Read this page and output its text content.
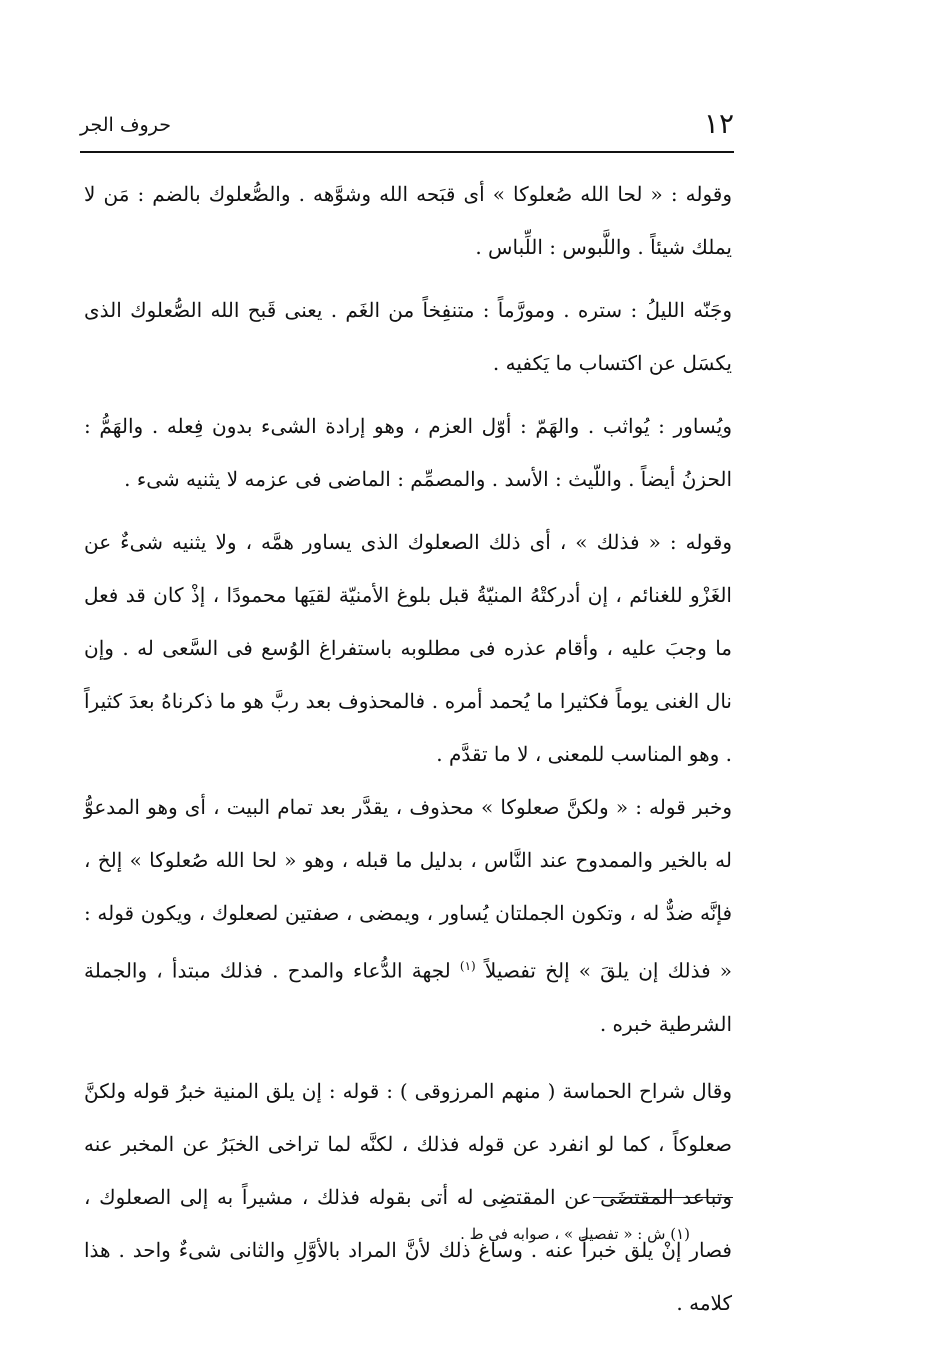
١٢
حروف الجر

وقوله : « لحا الله صُعلوكا » أى قبَحه الله وشوَّهه . والصُّعلوك بالضم : مَن لا يملك شيئاً . واللَّبوس : اللِّباس .

وجَنّه الليلُ : ستره . ومورَّماً : متنفِخاً من الغَم . يعنى قَبح الله الصُّعلوك الذى يكسَل عن اكتساب ما يَكفيه .

ويُساور : يُواثب . والهَمّ : أوّل العزم ، وهو إرادة الشىء بدون فِعله . والهَمُّ : الحزنُ أيضاً . واللّيث : الأسد . والمصمِّم : الماضى فى عزمه لا يثنيه شىء .

وقوله : « فذلك » ، أى ذلك الصعلوك الذى يساور همَّه ، ولا يثنيه شىءٌ عن الغَزْو للغنائم ، إن أدركتْهُ المنيّةُ قبل بلوغ الأمنيّة لقيَها محمودًا ، إذْ كان قد فعل ما وجبَ عليه ، وأقام عذره فى مطلوبه باستفراغ الوُسع فى السَّعى له . وإن نال الغنى يوماً فكثيرا ما يُحمد أمره . فالمحذوف بعد ربَّ هو ما ذكرناهُ بعدَ كثيراً . وهو المناسب للمعنى ، لا ما تقدَّم .

وخبر قوله : « ولكنَّ صعلوكا » محذوف ، يقدَّر بعد تمام البيت ، أى وهو المدعوُّ له بالخير والممدوح عند النَّاس ، بدليل ما قبله ، وهو « لحا الله صُعلوكا » إلخ ، فإنَّه ضدٌّ له ، وتكون الجملتان يُساور ، ويمضى ، صفتين لصعلوك ، ويكون قوله : « فذلك إن يلقَ » إلخ تفصيلاً $^{(١)}$ لجهة الدُّعاء والمدح . فذلك مبتدأ ، والجملة الشرطية خبره .

وقال شراح الحماسة ( منهم المرزوقى ) : قوله : إن يلق المنية خبرُ قوله ولكنَّ صعلوكاً ، كما لو انفرد عن قوله فذلك ، لكنَّه لما تراخى الخبَرُ عن المخبر عنه وتباعد المقتضَى عن المقتضِى له أتى بقوله فذلك ، مشيراً به إلى الصعلوك ، فصار إنْ يلق خبراً عنه . وساغ ذلك لأنَّ المراد بالأوَّلِ والثانى شىءٌ واحد . هذا كلامه .

(١) ش : « تفصيل » ، صوابه فى ط .
